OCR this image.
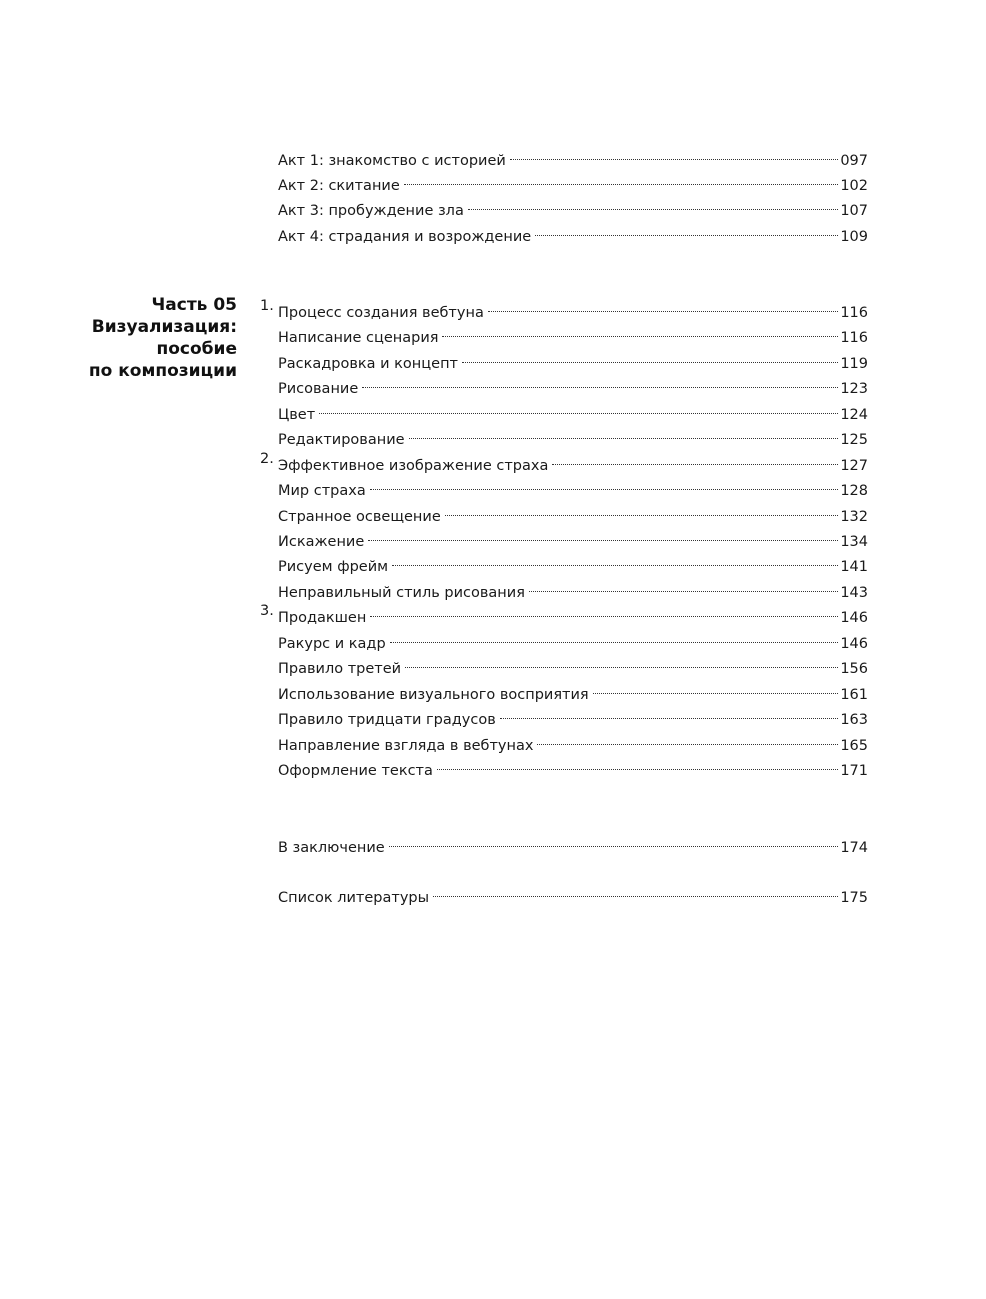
Акт 1: знакомство с историей	097
Акт 2: скитание	102
Акт 3: пробуждение зла	107
Акт 4: страдания и возрождение	109
Часть 05
Визуализация:
пособие
по композиции
1. Процесс создания вебтуна	116
Написание сценария	116
Раскадровка и концепт	119
Рисование	123
Цвет	124
Редактирование	125
2. Эффективное изображение страха	127
Мир страха	128
Странное освещение	132
Искажение	134
Рисуем фрейм	141
Неправильный стиль рисования	143
3. Продакшен	146
Ракурс и кадр	146
Правило третей	156
Использование визуального восприятия	161
Правило тридцати градусов	163
Направление взгляда в вебтунах	165
Оформление текста	171
В заключение	174
Список литературы	175
